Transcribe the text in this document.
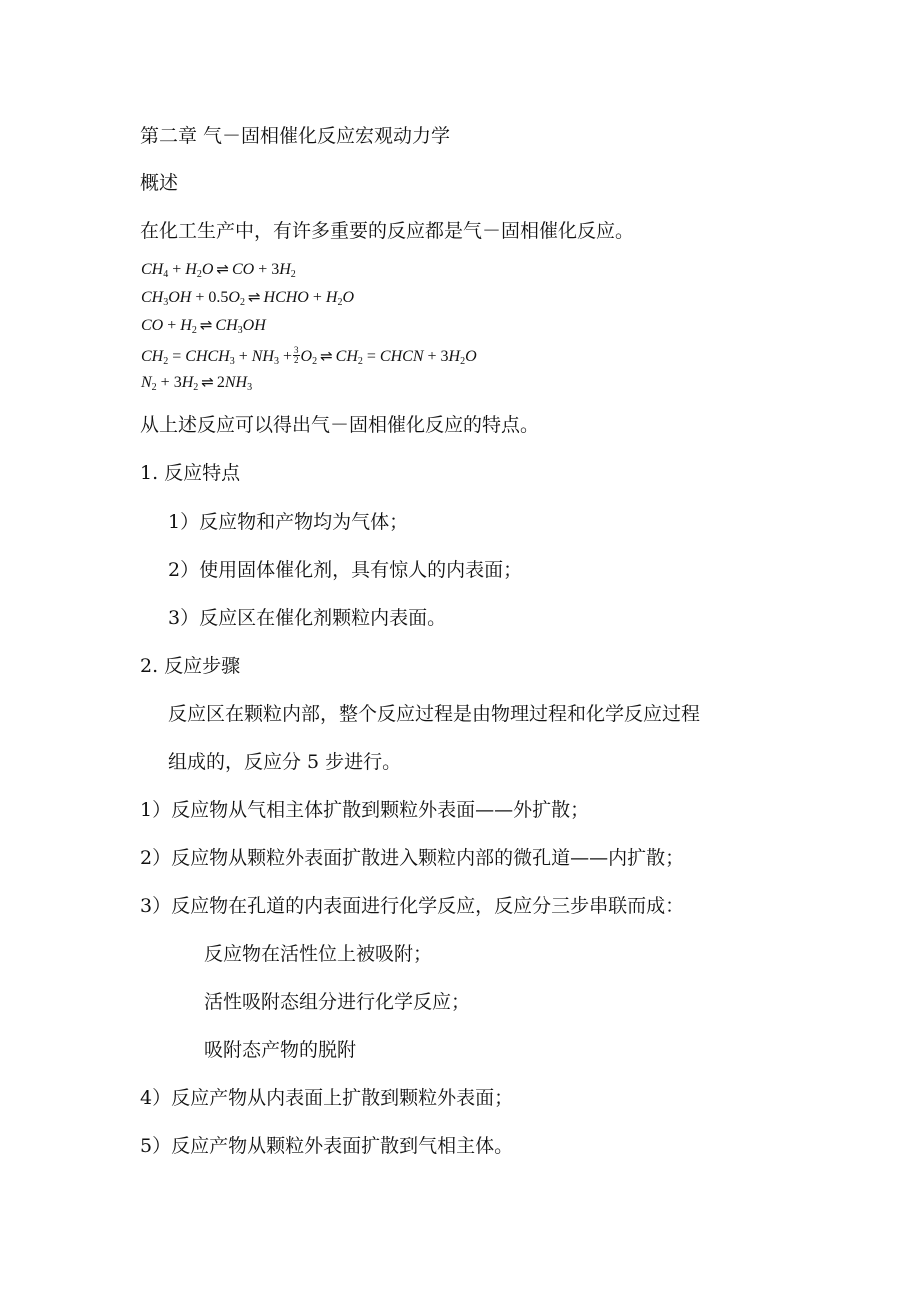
第二章 气－固相催化反应宏观动力学
概述
在化工生产中，有许多重要的反应都是气－固相催化反应。
$CH_4 + H_2O$ ⇌ CO + $3H_2$
$CH_3OH + 0.5O_2$ ⇌ HCHO + $H_2O$
CO + $H_2$ ⇌ $CH_3OH$
$CH_2$ = $CHCH_3 + NH_3 + \frac{3}{2} O_2$ ⇌ $CH_2$ = CHCN + $3H_2O$
$N_2 + 3H_2$ ⇌ $2NH_3$
从上述反应可以得出气－固相催化反应的特点。
1. 反应特点
1）反应物和产物均为气体；
2）使用固体催化剂，具有惊人的内表面；
3）反应区在催化剂颗粒内表面。
2. 反应步骤
反应区在颗粒内部，整个反应过程是由物理过程和化学反应过程
组成的，反应分 5 步进行。
1）反应物从气相主体扩散到颗粒外表面——外扩散；
2）反应物从颗粒外表面扩散进入颗粒内部的微孔道——内扩散；
3）反应物在孔道的内表面进行化学反应，反应分三步串联而成：
反应物在活性位上被吸附；
活性吸附态组分进行化学反应；
吸附态产物的脱附
4）反应产物从内表面上扩散到颗粒外表面；
5）反应产物从颗粒外表面扩散到气相主体。
